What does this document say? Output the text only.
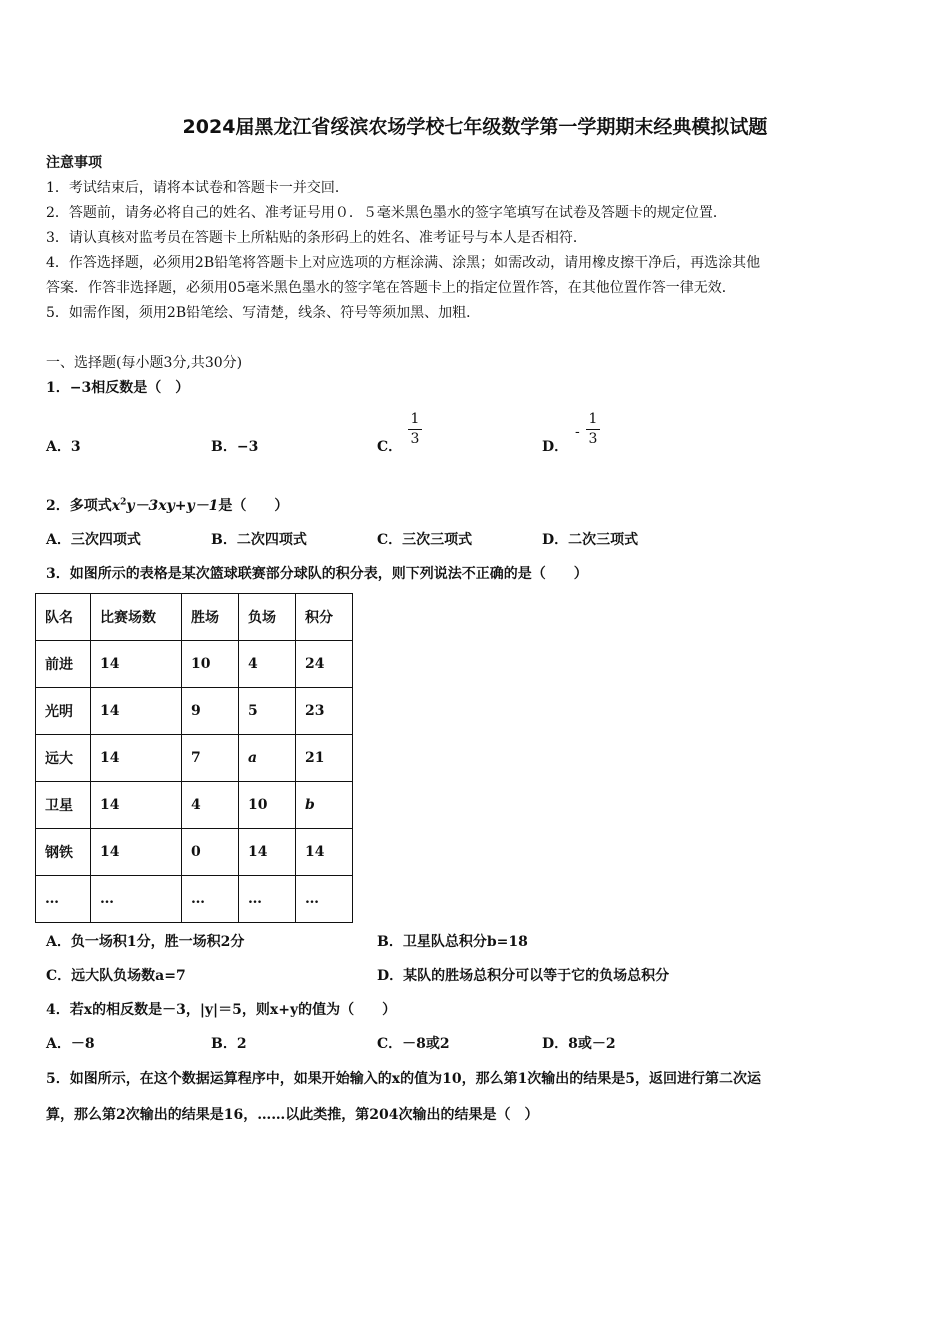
2024届黑龙江省绥滨农场学校七年级数学第一学期期末经典模拟试题
注意事项
1．考试结束后，请将本试卷和答题卡一并交回．
2．答题前，请务必将自己的姓名、准考证号用０．５毫米黑色墨水的签字笔填写在试卷及答题卡的规定位置．
3．请认真核对监考员在答题卡上所粘贴的条形码上的姓名、准考证号与本人是否相符．
4．作答选择题，必须用2B铅笔将答题卡上对应选项的方框涂满、涂黑；如需改动，请用橡皮擦干净后，再选涂其他
答案．作答非选择题，必须用05毫米黑色墨水的签字笔在答题卡上的指定位置作答，在其他位置作答一律无效．
5．如需作图，须用2B铅笔绘、写清楚，线条、符号等须加黑、加粗．
一、选择题(每小题3分,共30分)
1．−3相反数是（　）
A．3	B．−3	C．
1
3	D．
-
1
3
2．多项式$x^2y-3xy+y-1$是（　　）
A．三次四项式	B．二次四项式	C．三次三项式	D．二次三项式
3．如图所示的表格是某次篮球联赛部分球队的积分表，则下列说法不正确的是（　　）
队名	比赛场数	胜场	负场	积分
前进	14	10	4	24
光明	14	9	5	23
远大	14	7	a	21
卫星	14	4	10	b
钢铁	14	0	14	14
…	…	…	…	…
A．负一场积1分，胜一场积2分	B．卫星队总积分b=18
C．远大队负场数a=7	D．某队的胜场总积分可以等于它的负场总积分
4．若x的相反数是－3，|y|＝5，则x+y的值为（　　）
A．－8	B．2	C．－8或2	D．8或－2
5．如图所示，在这个数据运算程序中，如果开始输入的x的值为10，那么第1次输出的结果是5，返回进行第二次运
算，那么第2次输出的结果是16，……以此类推，第204次输出的结果是（　）
